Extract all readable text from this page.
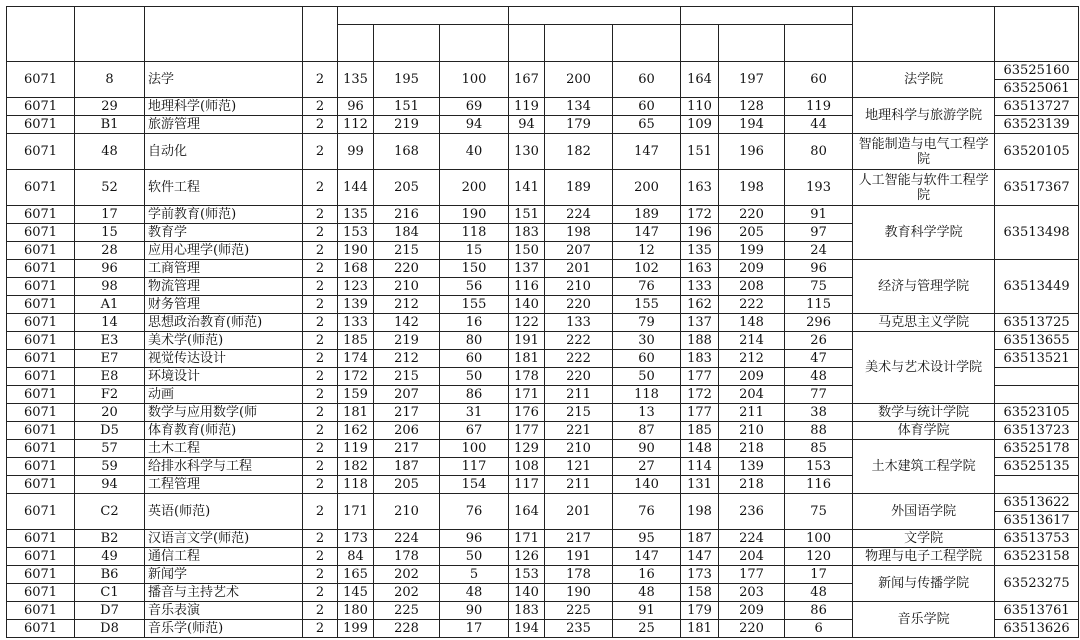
6071	8	法学	2	135	195	100	167	200	60	164	197	60	法学院	63525160
														63525061
6071	29	地理科学(师范)	2	96	151	69	119	134	60	110	128	119	地理科学与旅游学院	63513727
6071	B1	旅游管理	2	112	219	94	94	179	65	109	194	44		63523139
6071	48	自动化	2	99	168	40	130	182	147	151	196	80	智能制造与电气工程学院	63520105

6071	52	软件工程	2	144	205	200	141	189	200	163	198	193	人工智能与软件工程学院	63517367

6071	17	学前教育(师范)	2	135	216	190	151	224	189	172	220	91	教育科学学院	63513498
6071	15	教育学	2	153	184	118	183	198	147	196	205	97		
6071	28	应用心理学(师范)	2	190	215	15	150	207	12	135	199	24		
6071	96	工商管理	2	168	220	150	137	201	102	163	209	96	经济与管理学院	63513449
6071	98	物流管理	2	123	210	56	116	210	76	133	208	75		
6071	A1	财务管理	2	139	212	155	140	220	155	162	222	115		
6071	14	思想政治教育(师范)	2	133	142	16	122	133	79	137	148	296	马克思主义学院	63513725
6071	E3	美术学(师范)	2	185	219	80	191	222	30	188	214	26	美术与艺术设计学院	63513655
6071	E7	视觉传达设计	2	174	212	60	181	222	60	183	212	47		63513521
6071	E8	环境设计	2	172	215	50	178	220	50	177	209	48		
6071	F2	动画	2	159	207	86	171	211	118	172	204	77		
6071	20	数学与应用数学(师	2	181	217	31	176	215	13	177	211	38	数学与统计学院	63523105
6071	D5	体育教育(师范)	2	162	206	67	177	221	87	185	210	88	体育学院	63513723
6071	57	土木工程	2	119	217	100	129	210	90	148	218	85	土木建筑工程学院	63525178
6071	59	给排水科学与工程	2	182	187	117	108	121	27	114	139	153		63525135
6071	94	工程管理	2	118	205	154	117	211	140	131	218	116		
6071	C2	英语(师范)	2	171	210	76	164	201	76	198	236	75	外国语学院	63513622
														63513617
6071	B2	汉语言文学(师范)	2	173	224	96	171	217	95	187	224	100	文学院	63513753
6071	49	通信工程	2	84	178	50	126	191	147	147	204	120	物理与电子工程学院	63523158
6071	B6	新闻学	2	165	202	5	153	178	16	173	177	17	新闻与传播学院	63523275
6071	C1	播音与主持艺术	2	145	202	48	140	190	48	158	203	48		
6071	D7	音乐表演	2	180	225	90	183	225	91	179	209	86	音乐学院	63513761
6071	D8	音乐学(师范)	2	199	228	17	194	235	25	181	220	6		63513626
